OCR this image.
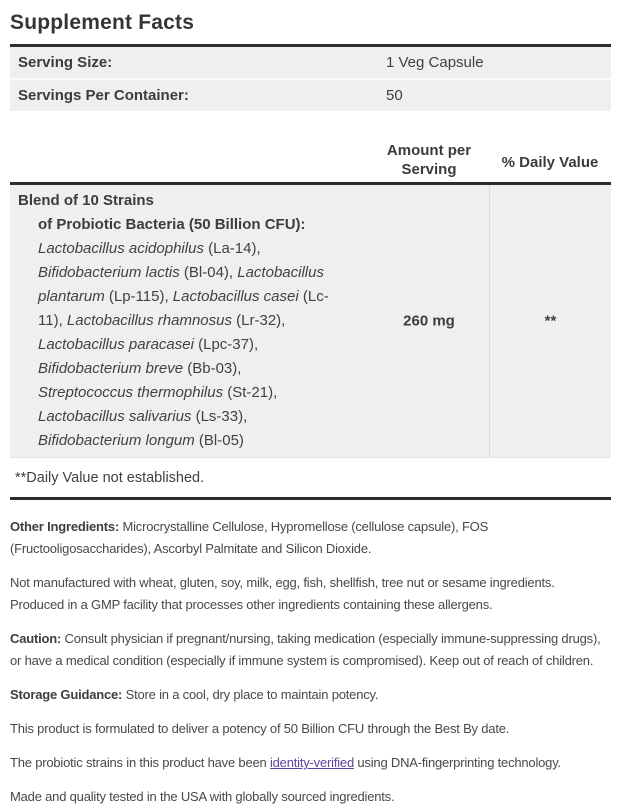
Supplement Facts
Serving Size:	1 Veg Capsule
Servings Per Container:	50
Amount per Serving	% Daily Value
Blend of 10 Strains
of Probiotic Bacteria (50 Billion CFU):
Lactobacillus acidophilus (La-14),
Bifidobacterium lactis (Bl-04), Lactobacillus
plantarum (Lp-115), Lactobacillus casei (Lc-
11), Lactobacillus rhamnosus (Lr-32),
Lactobacillus paracasei (Lpc-37),
Bifidobacterium breve (Bb-03),
Streptococcus thermophilus (St-21),
Lactobacillus salivarius (Ls-33),
Bifidobacterium longum (Bl-05)
260 mg	**
**Daily Value not established.

Other Ingredients: Microcrystalline Cellulose, Hypromellose (cellulose capsule), FOS (Fructooligosaccharides), Ascorbyl Palmitate and Silicon Dioxide.

Not manufactured with wheat, gluten, soy, milk, egg, fish, shellfish, tree nut or sesame ingredients. Produced in a GMP facility that processes other ingredients containing these allergens.

Caution: Consult physician if pregnant/nursing, taking medication (especially immune-suppressing drugs), or have a medical condition (especially if immune system is compromised). Keep out of reach of children.

Storage Guidance: Store in a cool, dry place to maintain potency.

This product is formulated to deliver a potency of 50 Billion CFU through the Best By date.

The probiotic strains in this product have been identity-verified using DNA-fingerprinting technology.

Made and quality tested in the USA with globally sourced ingredients.
